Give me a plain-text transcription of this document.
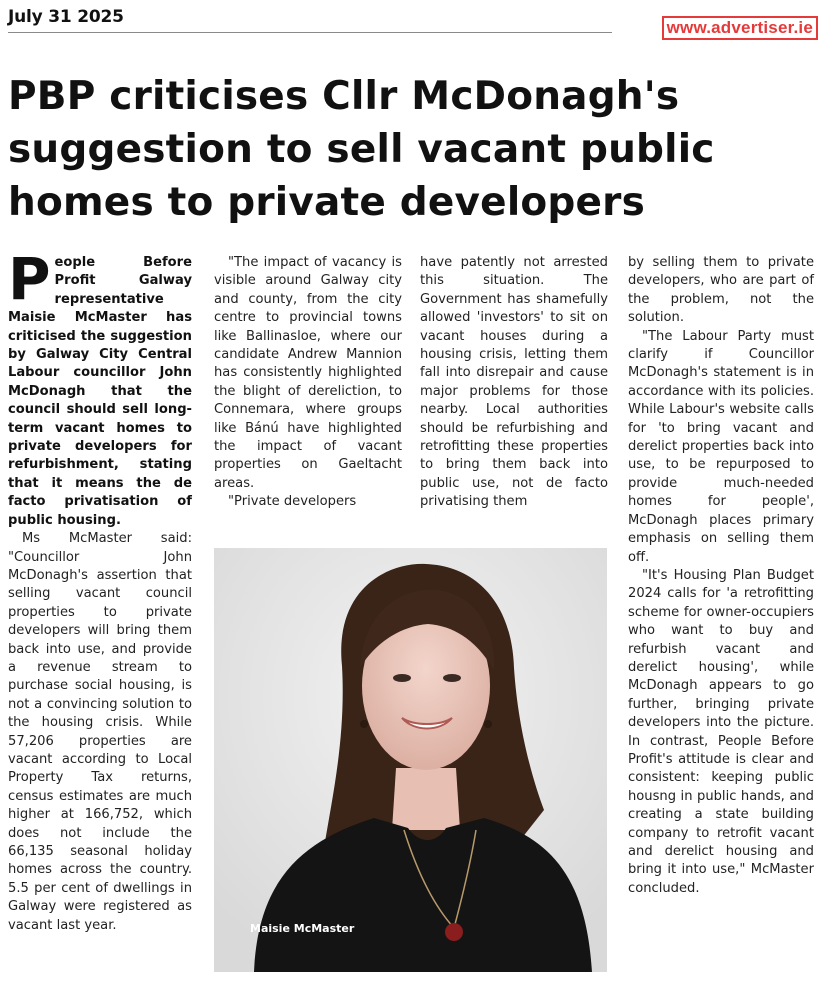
July 31 2025
www.advertiser.ie
PBP criticises Cllr McDonagh's suggestion to sell vacant public homes to private developers

People Before Profit Galway representative Maisie McMaster has criticised the suggestion by Galway City Central Labour councillor John McDonagh that the council should sell long-term vacant homes to private developers for refurbishment, stating that it means the de facto privatisation of public housing.

Ms McMaster said: "Councillor John McDonagh's assertion that selling vacant council properties to private developers will bring them back into use, and provide a revenue stream to purchase social housing, is not a convincing solution to the housing crisis. While 57,206 properties are vacant according to Local Property Tax returns, census estimates are much higher at 166,752, which does not include the 66,135 seasonal holiday homes across the country. 5.5 per cent of dwellings in Galway were registered as vacant last year.

"The impact of vacancy is visible around Galway city and county, from the city centre to provincial towns like Ballinasloe, where our candidate Andrew Mannion has consistently highlighted the blight of dereliction, to Connemara, where groups like Bánú have highlighted the impact of vacant properties on Gaeltacht areas.

"Private developers

have patently not arrested this situation. The Government has shamefully allowed 'investors' to sit on vacant houses during a housing crisis, letting them fall into disrepair and cause major problems for those nearby. Local authorities should be refurbishing and retrofitting these properties to bring them back into public use, not de facto privatising them

by selling them to private developers, who are part of the problem, not the solution.

"The Labour Party must clarify if Councillor McDonagh's statement is in accordance with its policies. While Labour's website calls for 'to bring vacant and derelict properties back into use, to be repurposed to provide much-needed homes for people', McDonagh places primary emphasis on selling them off.

"It's Housing Plan Budget 2024 calls for 'a retrofitting scheme for owner-occupiers who want to buy and refurbish vacant and derelict housing', while McDonagh appears to go further, bringing private developers into the picture. In contrast, People Before Profit's attitude is clear and consistent: keeping public housng in public hands, and creating a state building company to retrofit vacant and derelict housing and bring it into use," McMaster concluded.

Maisie McMaster
